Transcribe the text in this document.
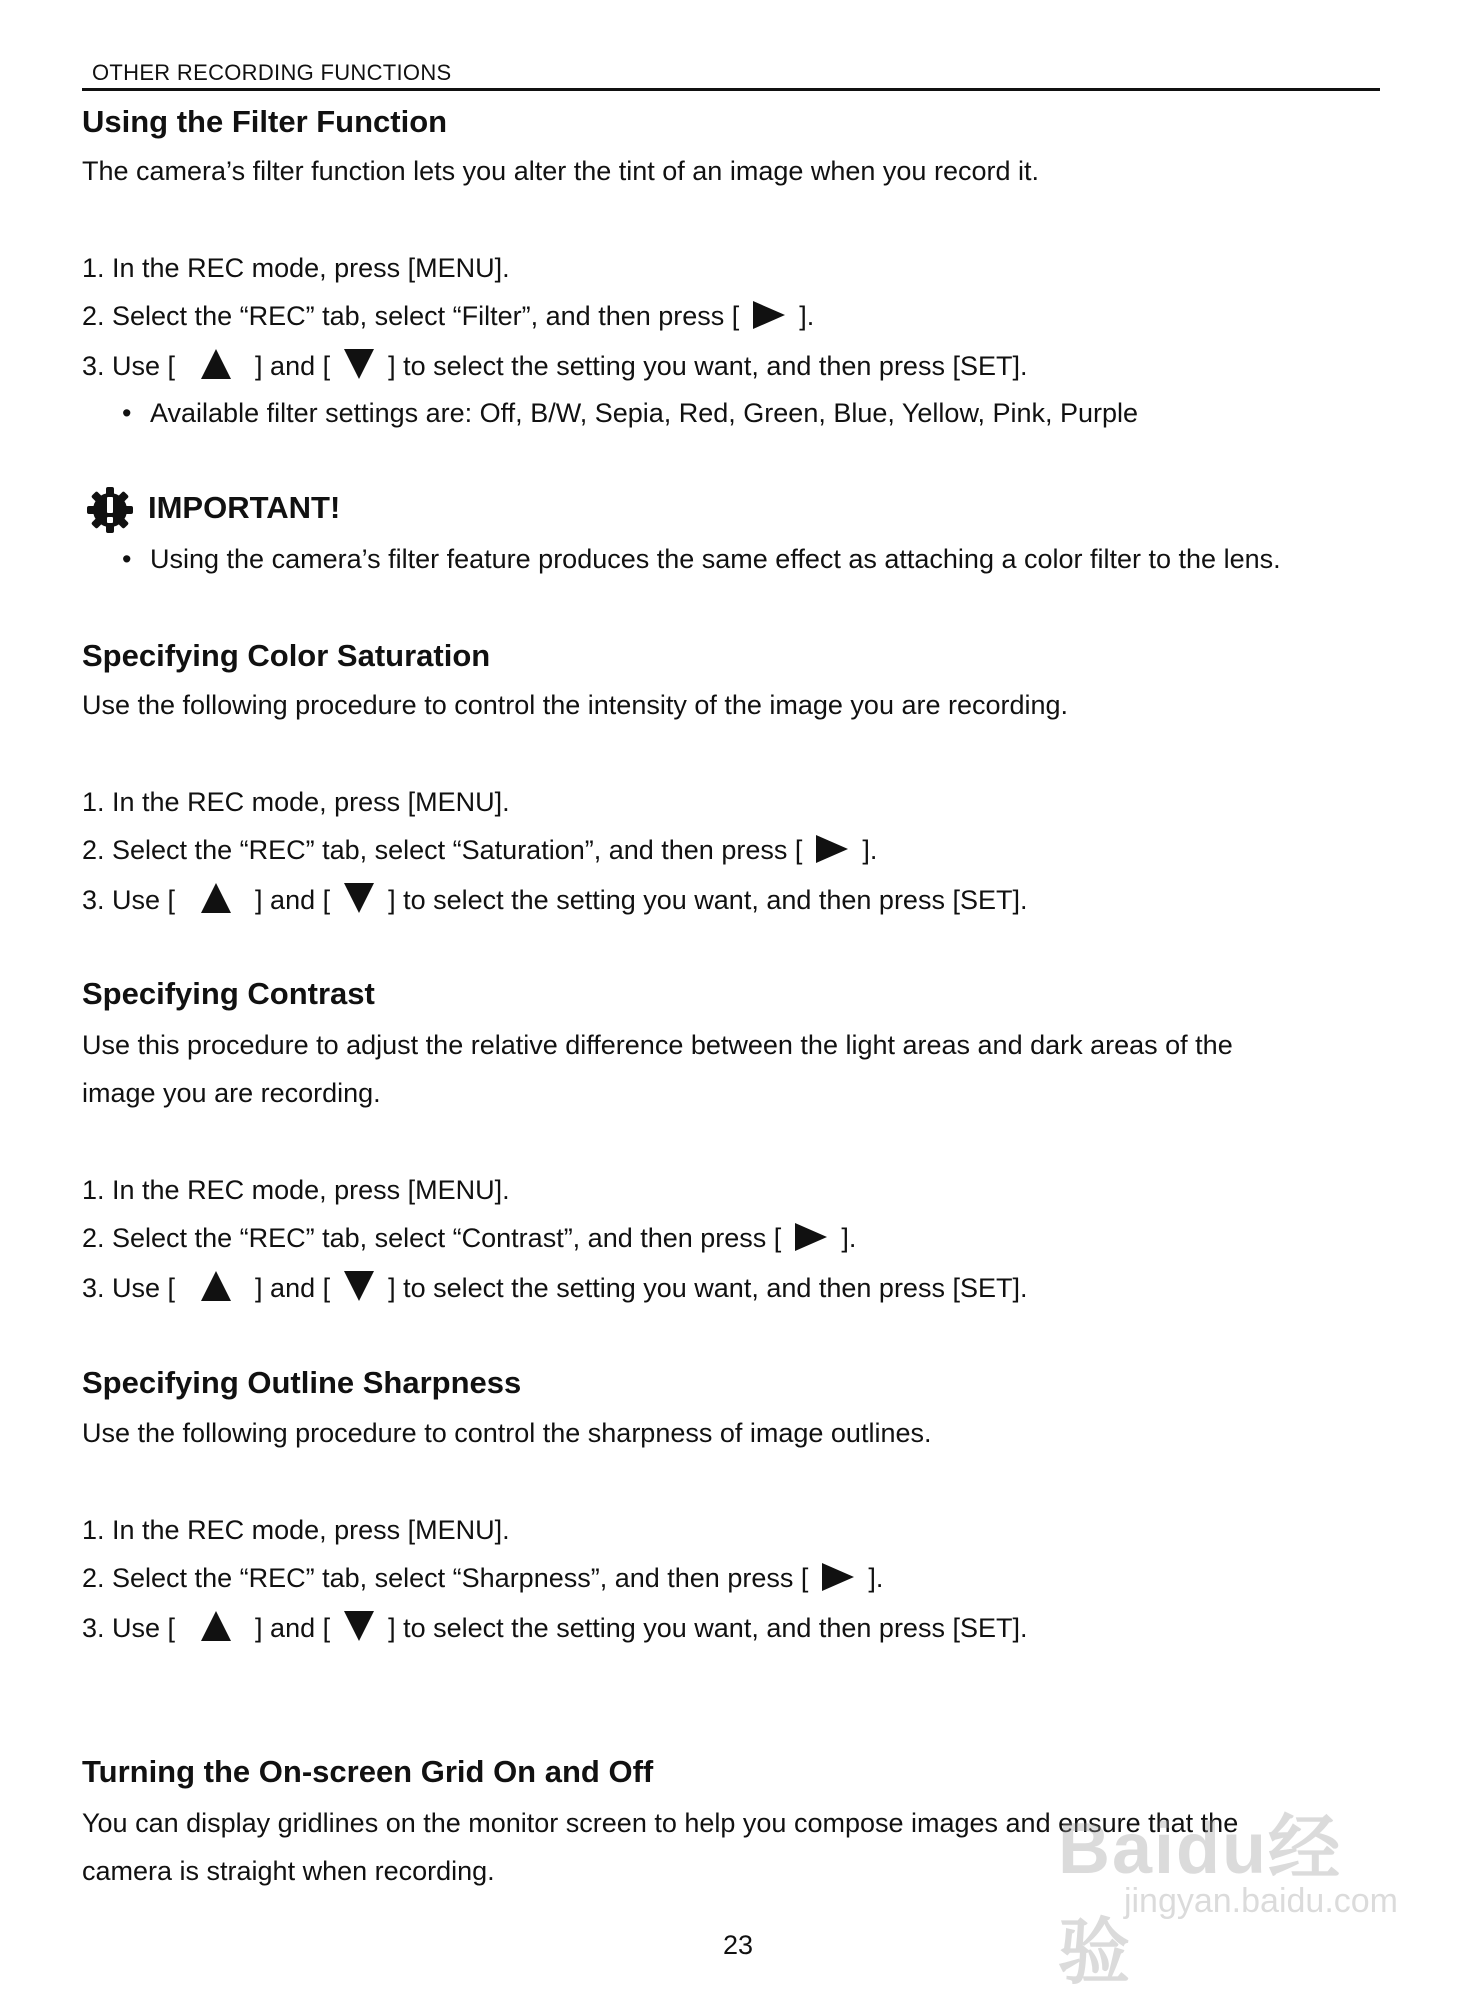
OTHER RECORDING FUNCTIONS
Using the Filter Function
The camera’s filter function lets you alter the tint of an image when you record it.
1. In the REC mode, press [MENU].
2. Select the “REC” tab, select “Filter”, and then press [ ].
3. Use [	] and [ ] to select the setting you want, and then press [SET].
• Available filter settings are: Off, B/W, Sepia, Red, Green, Blue, Yellow, Pink, Purple
IMPORTANT!
• Using the camera’s filter feature produces the same effect as attaching a color filter to the lens.
Specifying Color Saturation
Use the following procedure to control the intensity of the image you are recording.
1. In the REC mode, press [MENU].
2. Select the “REC” tab, select “Saturation”, and then press [ ].
3. Use [	] and [ ] to select the setting you want, and then press [SET].
Specifying Contrast
Use this procedure to adjust the relative difference between the light areas and dark areas of the
image you are recording.
1. In the REC mode, press [MENU].
2. Select the “REC” tab, select “Contrast”, and then press [ ].
3. Use [	] and [ ] to select the setting you want, and then press [SET].
Specifying Outline Sharpness
Use the following procedure to control the sharpness of image outlines.
1. In the REC mode, press [MENU].
2. Select the “REC” tab, select “Sharpness”, and then press [ ].
3. Use [	] and [ ] to select the setting you want, and then press [SET].
Turning the On-screen Grid On and Off
You can display gridlines on the monitor screen to help you compose images and ensure that the
camera is straight when recording.	Baidu经验
jingyan.baidu.com
23
